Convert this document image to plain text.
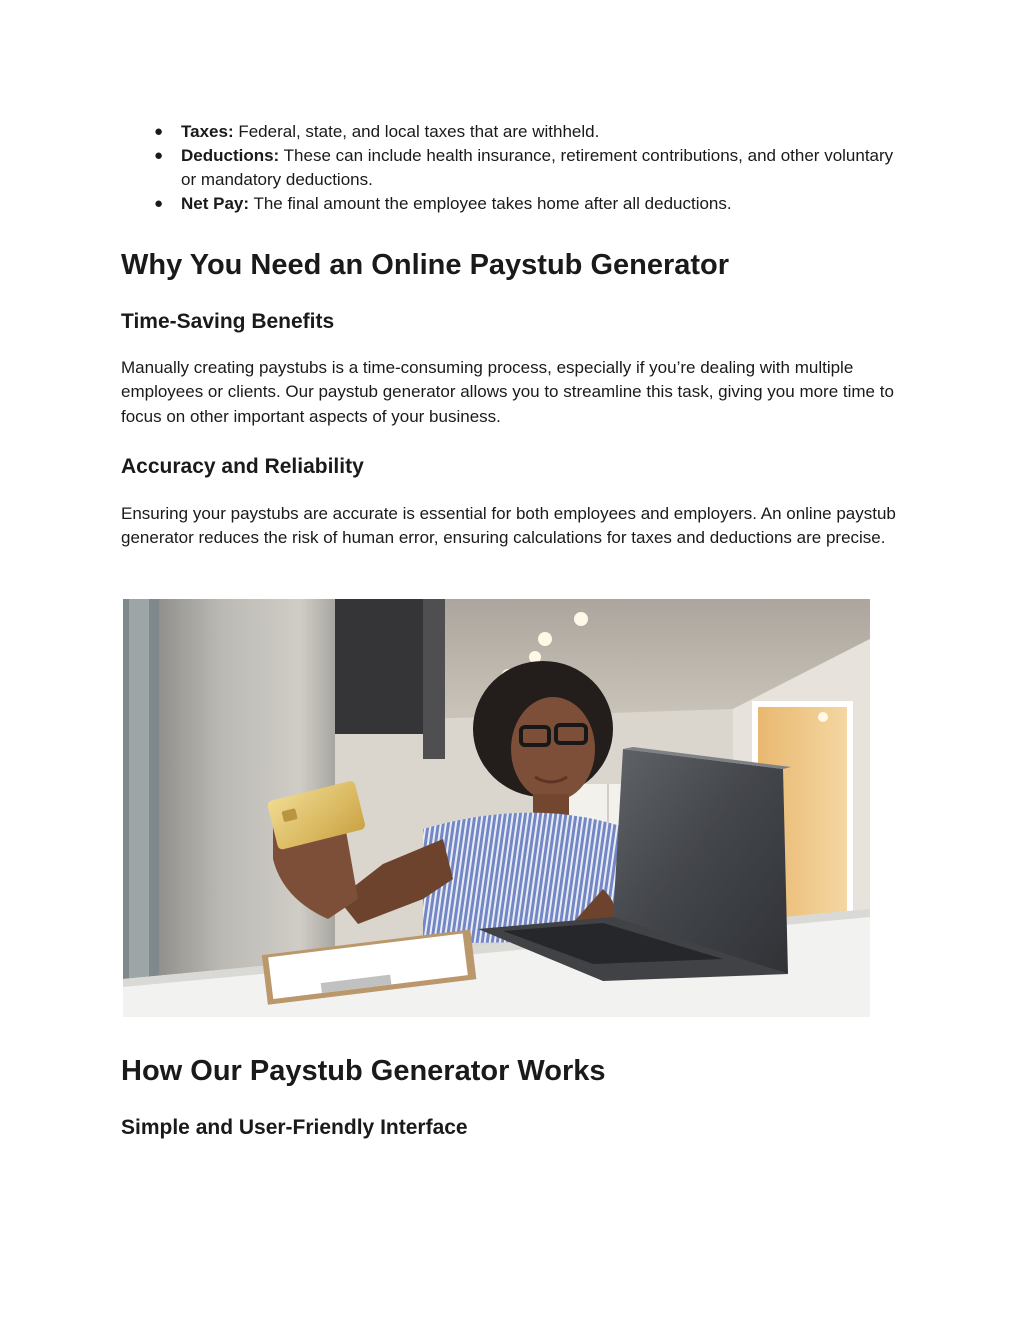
● Taxes: Federal, state, and local taxes that are withheld.
● Deductions: These can include health insurance, retirement contributions, and other voluntary or mandatory deductions.
● Net Pay: The final amount the employee takes home after all deductions.
Why You Need an Online Paystub Generator
Time-Saving Benefits

Manually creating paystubs is a time-consuming process, especially if you’re dealing with multiple employees or clients. Our paystub generator allows you to streamline this task, giving you more time to focus on other important aspects of your business.

Accuracy and Reliability

Ensuring your paystubs are accurate is essential for both employees and employers. An online paystub generator reduces the risk of human error, ensuring calculations for taxes and deductions are precise.

How Our Paystub Generator Works
Simple and User-Friendly Interface
